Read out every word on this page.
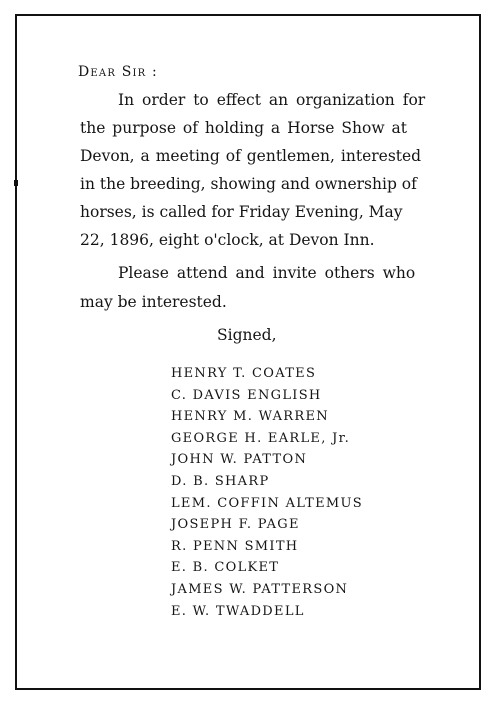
Dear Sir :
In order to effect an organization for
the purpose of holding a Horse Show at
Devon, a meeting of gentlemen, interested
in the breeding, showing and ownership of
horses, is called for Friday Evening, May
22, 1896, eight o'clock, at Devon Inn.
Please attend and invite others who
may be interested.
Signed,
HENRY T. COATES
C. DAVIS ENGLISH
HENRY M. WARREN
GEORGE H. EARLE, Jr.
JOHN W. PATTON
D. B. SHARP
LEM. COFFIN ALTEMUS
JOSEPH F. PAGE
R. PENN SMITH
E. B. COLKET
JAMES W. PATTERSON
E. W. TWADDELL
